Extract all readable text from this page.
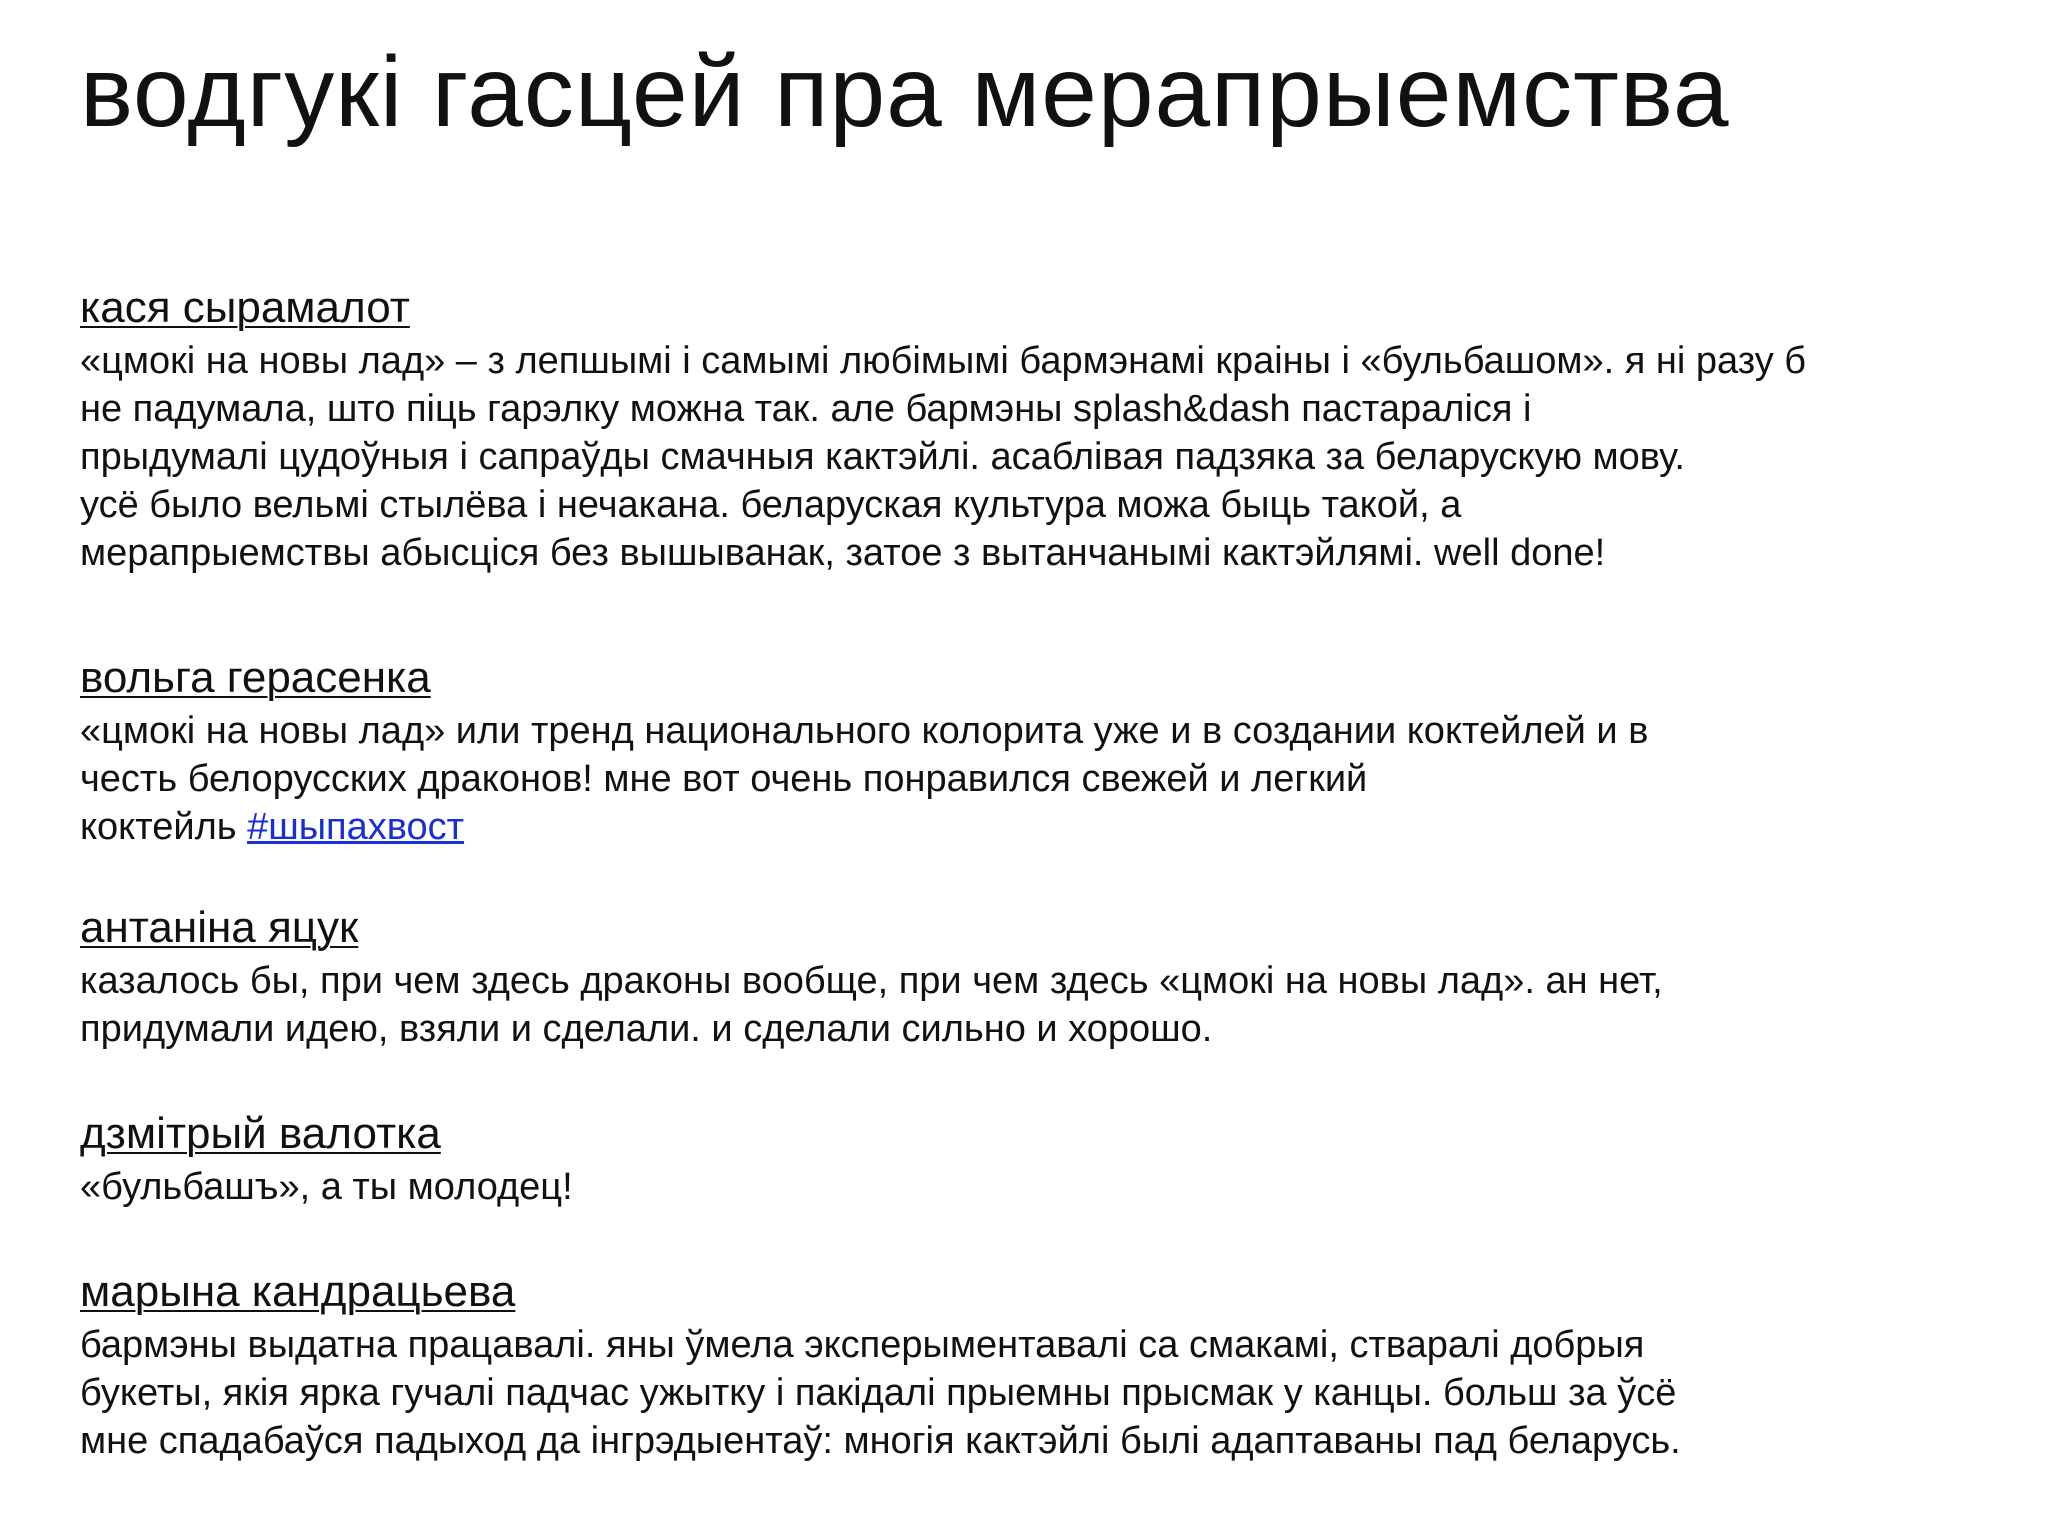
водгукі гасцей пра мерапрыемства
кася сырамалот

«цмокі на новы лад» – з лепшымі і самымі любімымі бармэнамі краіны і «бульбашом». я ні разу б
не падумала, што піць гарэлку можна так. але бармэны splash&dash пастараліся і
прыдумалі цудоўныя і сапраўды смачныя кактэйлі. асаблівая падзяка за беларускую мову.
усё было вельмі стылёва і нечакана. беларуская культура можа быць такой, а
мерапрыемствы абысціся без вышыванак, затое з вытанчанымі кактэйлямі. well done!

вольга герасенка

«цмокі на новы лад» или тренд национального колорита уже и в создании коктейлей и в
честь белорусских драконов! мне вот очень понравился свежей и легкий
коктейль #шыпахвост

антаніна яцук

казалось бы, при чем здесь драконы вообще, при чем здесь «цмокі на новы лад». ан нет,
придумали идею, взяли и сделали. и сделали сильно и хорошо.

дзмітрый валотка

«бульбашъ», а ты молодец!

марына кандрацьева

бармэны выдатна працавалі. яны ўмела эксперыментавалі са смакамі, стваралі добрыя
букеты, якія ярка гучалі падчас ужытку і пакідалі прыемны прысмак у канцы. больш за ўсё
мне спадабаўся падыход да інгрэдыентаў: многія кактэйлі былі адаптаваны пад беларусь.
